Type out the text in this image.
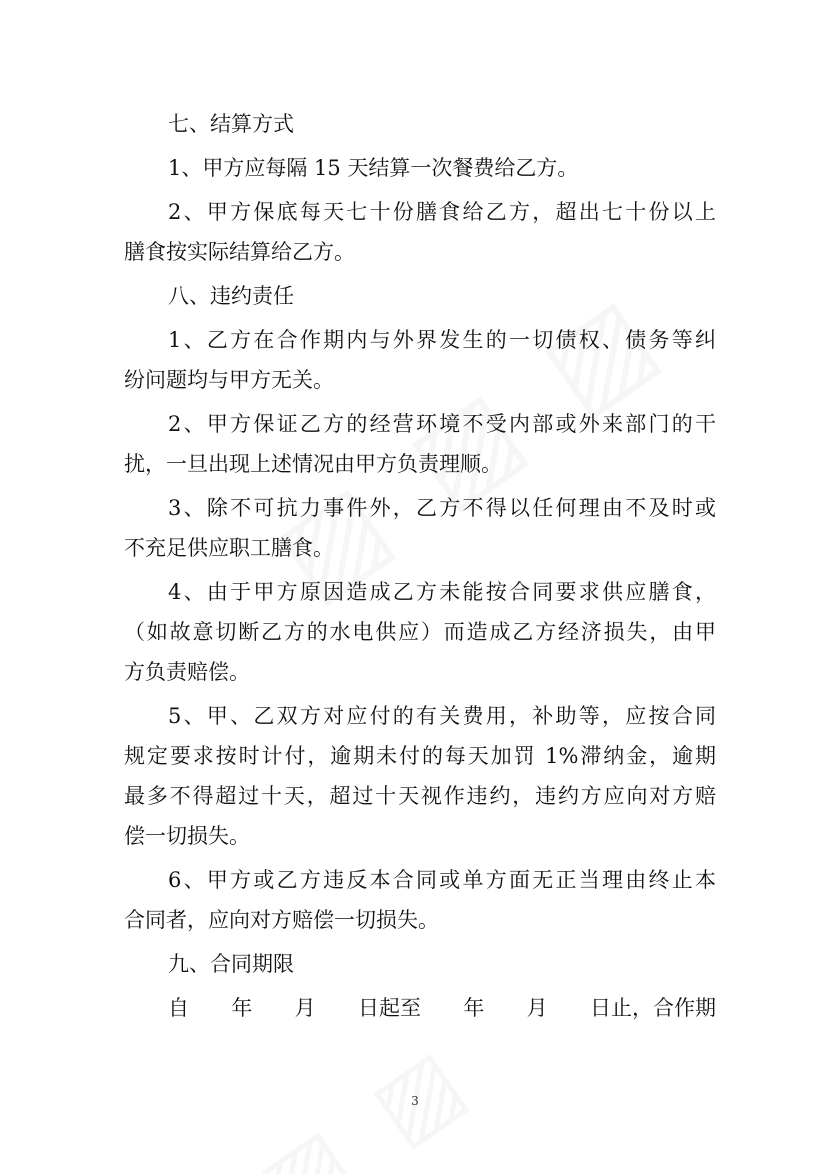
七、结算方式
1、甲方应每隔 15 天结算一次餐费给乙方。
2、甲方保底每天七十份膳食给乙方，超出七十份以上
膳食按实际结算给乙方。
八、违约责任
1、乙方在合作期内与外界发生的一切债权、债务等纠
纷问题均与甲方无关。
2、甲方保证乙方的经营环境不受内部或外来部门的干
扰，一旦出现上述情况由甲方负责理顺。
3、除不可抗力事件外，乙方不得以任何理由不及时或
不充足供应职工膳食。
4、由于甲方原因造成乙方未能按合同要求供应膳食，
（如故意切断乙方的水电供应）而造成乙方经济损失，由甲
方负责赔偿。
5、甲、乙双方对应付的有关费用，补助等，应按合同
规定要求按时计付，逾期未付的每天加罚 1%滞纳金，逾期
最多不得超过十天，超过十天视作违约，违约方应向对方赔
偿一切损失。
6、甲方或乙方违反本合同或单方面无正当理由终止本
合同者，应向对方赔偿一切损失。
九、合同期限
自 年 月 日起至 年 月 日止，合作期
3
